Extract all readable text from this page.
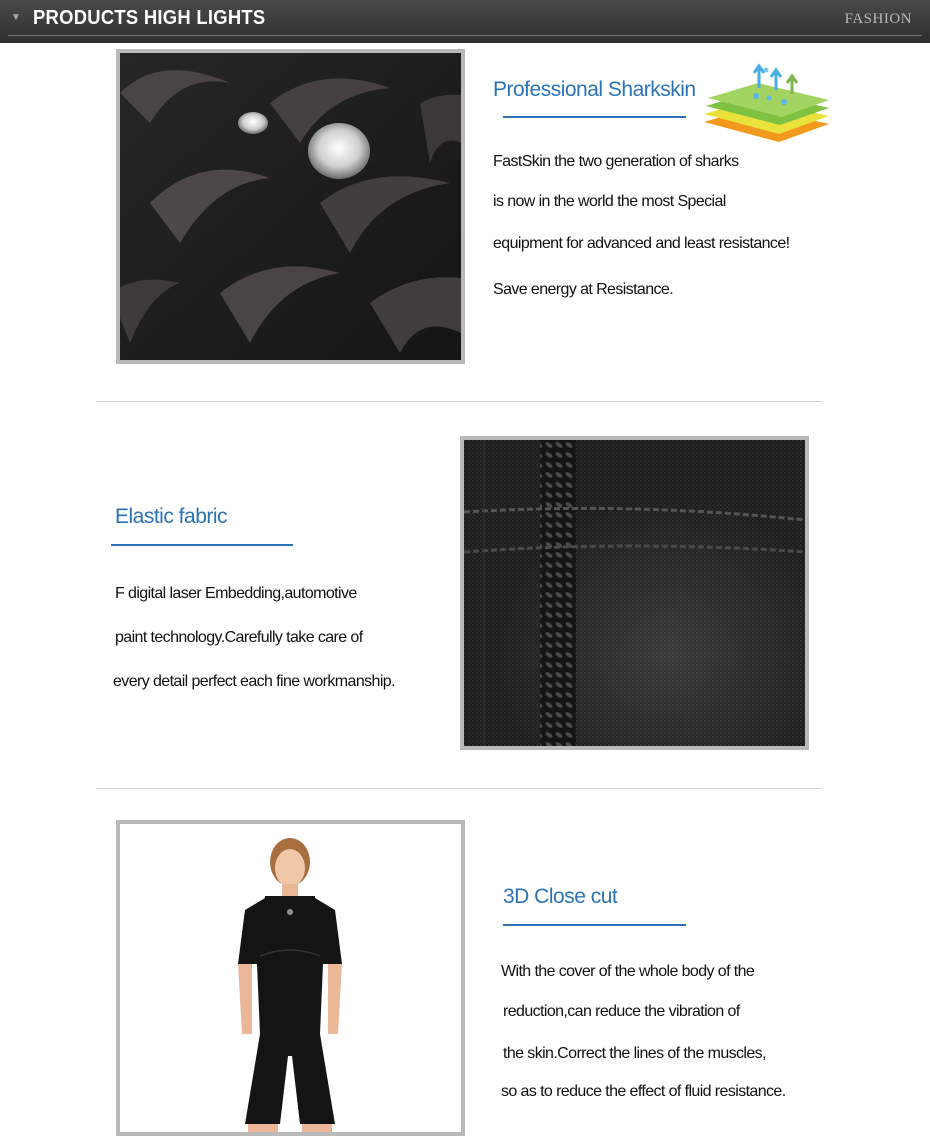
▼ PRODUCTS HIGH LIGHTS	FASHION
Professional Sharkskin
FastSkin the two generation of sharks
is now in the world the most Special
equipment for advanced and least resistance!
Save energy at Resistance.
Elastic fabric
F digital laser Embedding,automotive
paint technology.Carefully take care of
every detail perfect each fine workmanship.
3D Close cut
With the cover of the whole body of the
reduction,can reduce the vibration of
the skin.Correct the lines of the muscles,
so as to reduce the effect of fluid resistance.
